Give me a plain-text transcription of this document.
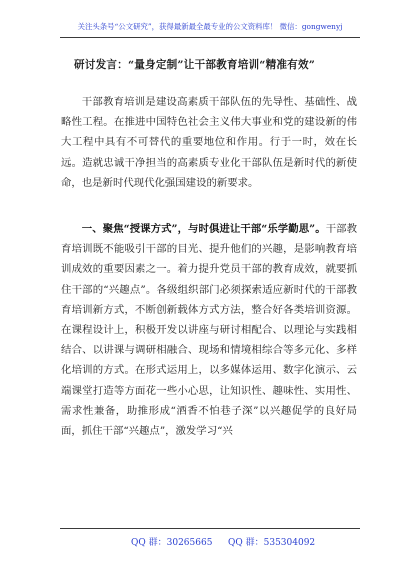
关注头条号“公文研究”，获得最新最全最专业的公文资料库！ 微信：gongwenyj
研讨发言：“量身定制”让干部教育培训“精准有效”

干部教育培训是建设高素质干部队伍的先导性、基础性、战略性工程。在推进中国特色社会主义伟大事业和党的建设新的伟大工程中具有不可替代的重要地位和作用。行于一时，效在长远。造就忠诚干净担当的高素质专业化干部队伍是新时代的新使命，也是新时代现代化强国建设的新要求。

一、聚焦“授课方式”，与时俱进让干部“乐学勤思”。干部教育培训既不能吸引干部的目光、提升他们的兴趣，是影响教育培训成效的重要因素之一。着力提升党员干部的教育成效，就要抓住干部的“兴趣点”。各级组织部门必须探索适应新时代的干部教育培训新方式，不断创新载体方式方法，整合好各类培训资源。在课程设计上，积极开发以讲座与研讨相配合、以理论与实践相结合、以讲课与调研相融合、现场和情境相综合等多元化、多样化培训的方式。在形式运用上，以多媒体运用、数字化演示、云端课堂打造等方面花一些小心思，让知识性、趣味性、实用性、需求性兼备，助推形成“酒香不怕巷子深”以兴趣促学的良好局面，抓住干部“兴趣点”，激发学习“兴

QQ 群：30265665 QQ 群：535304092
